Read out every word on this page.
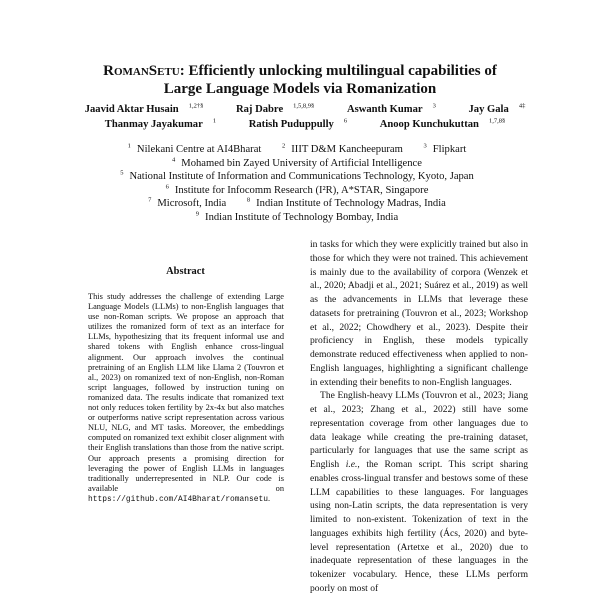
RomanSetu: Efficiently unlocking multilingual capabilities of
Large Language Models via Romanization
Jaavid Aktar Husain $^{1,2\dagger\S}$	Raj Dabre $^{1,5,8,9\S}$	Aswanth Kumar $^3$	Jay Gala $^{4\ddagger}$
Thanmay Jayakumar $^1$	Ratish Puduppully $^6$	Anoop Kunchukuttan $^{1,7,8\S}$
$^1$ Nilekani Centre at AI4Bharat	$^2$ IIIT D&M Kancheepuram	$^3$ Flipkart
$^4$ Mohamed bin Zayed University of Artificial Intelligence
$^5$ National Institute of Information and Communications Technology, Kyoto, Japan
$^6$ Institute for Infocomm Research (I²R), A*STAR, Singapore
$^7$ Microsoft, India	$^8$ Indian Institute of Technology Madras, India
$^9$ Indian Institute of Technology Bombay, India
Abstract
This study addresses the challenge of extending Large Language Models (LLMs) to non-English languages that use non-Roman scripts. We propose an approach that utilizes the romanized form of text as an interface for LLMs, hypothesizing that its frequent informal use and shared tokens with English enhance cross-lingual alignment. Our approach involves the continual pretraining of an English LLM like Llama 2 (Touvron et al., 2023) on romanized text of non-English, non-Roman script languages, followed by instruction tuning on romanized data. The results indicate that romanized text not only reduces token fertility by 2x-4x but also matches or outperforms native script representation across various NLU, NLG, and MT tasks. Moreover, the embeddings computed on romanized text exhibit closer alignment with their English translations than those from the native script. Our approach presents a promising direction for leveraging the power of English LLMs in languages traditionally underrepresented in NLP. Our code is available on https://github.com/AI4Bharat/romansetu.

in tasks for which they were explicitly trained but also in those for which they were not trained. This achievement is mainly due to the availability of corpora (Wenzek et al., 2020; Abadji et al., 2021; Suárez et al., 2019) as well as the advancements in LLMs that leverage these datasets for pretraining (Touvron et al., 2023; Workshop et al., 2022; Chowdhery et al., 2023). Despite their proficiency in English, these models typically demonstrate reduced effectiveness when applied to non-English languages, highlighting a significant challenge in extending their benefits to non-English languages.

The English-heavy LLMs (Touvron et al., 2023; Jiang et al., 2023; Zhang et al., 2022) still have some representation coverage from other languages due to data leakage while creating the pre-training dataset, particularly for languages that use the same script as English i.e., the Roman script. This script sharing enables cross-lingual transfer and bestows some of these LLM capabilities to these languages. For languages using non-Latin scripts, the data representation is very limited to non-existent. Tokenization of text in the languages exhibits high fertility (Ács, 2020) and byte-level representation (Artetxe et al., 2020) due to inadequate representation of these languages in the tokenizer vocabulary. Hence, these LLMs perform poorly on most of
